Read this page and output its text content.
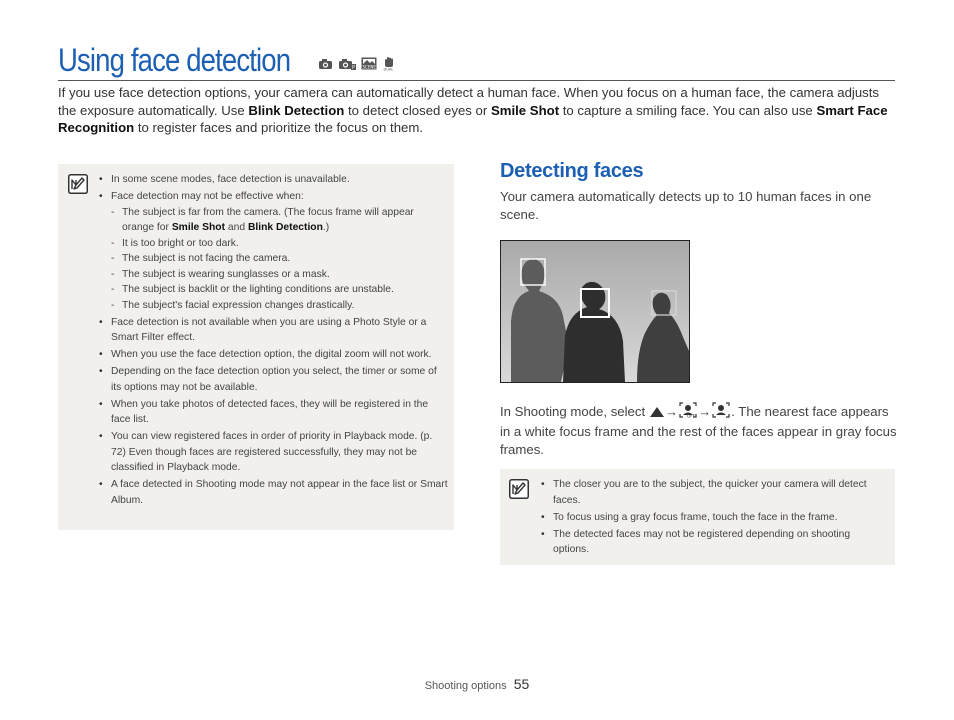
Using face detection	P SCENE DUAL

If you use face detection options, your camera can automatically detect a human face. When you focus on a human face, the camera adjusts the exposure automatically. Use Blink Detection to detect closed eyes or Smile Shot to capture a smiling face. You can also use Smart Face Recognition to register faces and prioritize the focus on them.

• In some scene modes, face detection is unavailable.
• Face detection may not be effective when:
- The subject is far from the camera. (The focus frame will appear orange for Smile Shot and Blink Detection.)
- It is too bright or too dark.
- The subject is not facing the camera.
- The subject is wearing sunglasses or a mask.
- The subject is backlit or the lighting conditions are unstable.
- The subject's facial expression changes drastically.
• Face detection is not available when you are using a Photo Style or a Smart Filter effect.
• When you use the face detection option, the digital zoom will not work.
• Depending on the face detection option you select, the timer or some of its options may not be available.
• When you take photos of detected faces, they will be registered in the face list.
• You can view registered faces in order of priority in Playback mode. (p. 72) Even though faces are registered successfully, they may not be classified in Playback mode.
• A face detected in Shooting mode may not appear in the face list or Smart Album.
Detecting faces

Your camera automatically detects up to 10 human faces in one scene.

In Shooting mode, select → OFF → . The nearest face appears in a white focus frame and the rest of the faces appear in gray focus frames.

• The closer you are to the subject, the quicker your camera will detect faces.
• To focus using a gray focus frame, touch the face in the frame.
• The detected faces may not be registered depending on shooting options.
Shooting options 55
